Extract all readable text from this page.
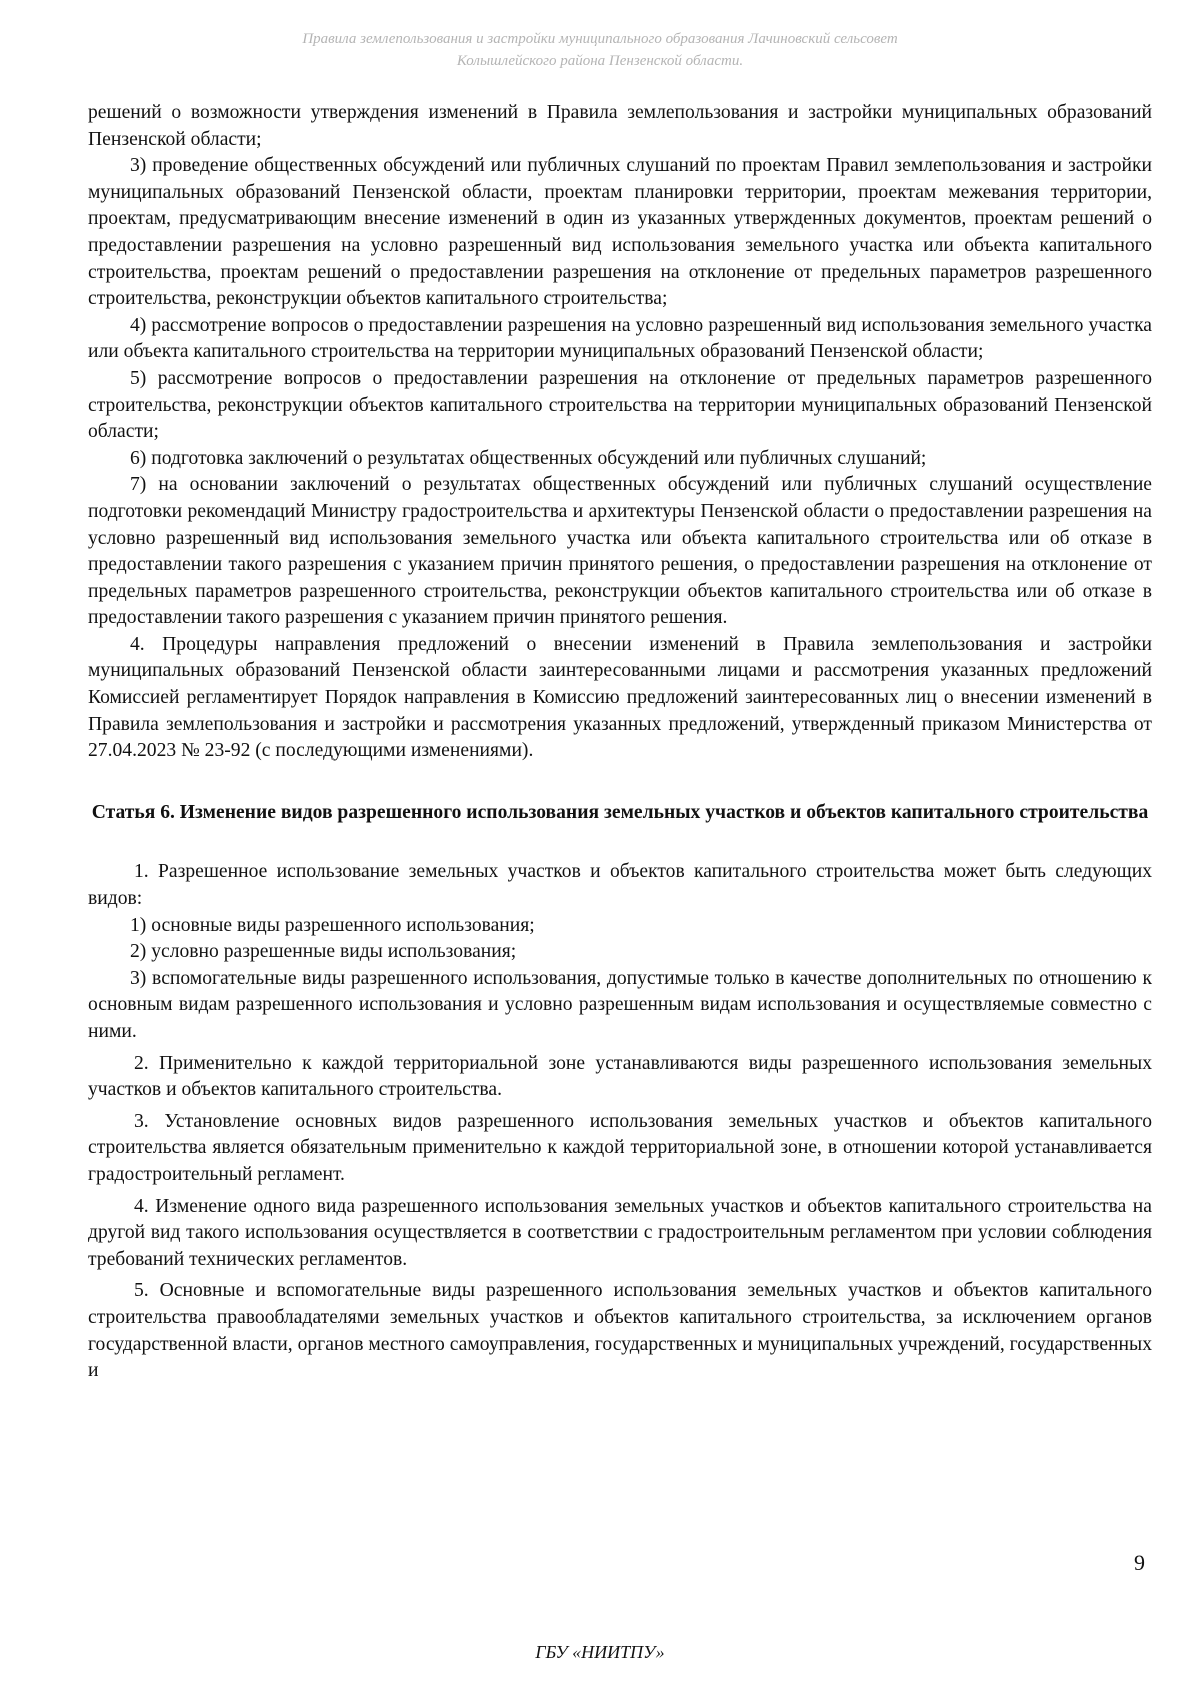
Правила землепользования и застройки муниципального образования Лачиновский сельсовет
Колышлейского района Пензенской области.

решений о возможности утверждения изменений в Правила землепользования и застройки муниципальных образований Пензенской области;

3) проведение общественных обсуждений или публичных слушаний по проектам Правил землепользования и застройки муниципальных образований Пензенской области, проектам планировки территории, проектам межевания территории, проектам, предусматривающим внесение изменений в один из указанных утвержденных документов, проектам решений о предоставлении разрешения на условно разрешенный вид использования земельного участка или объекта капитального строительства, проектам решений о предоставлении разрешения на отклонение от предельных параметров разрешенного строительства, реконструкции объектов капитального строительства;

4) рассмотрение вопросов о предоставлении разрешения на условно разрешенный вид использования земельного участка или объекта капитального строительства на территории муниципальных образований Пензенской области;

5) рассмотрение вопросов о предоставлении разрешения на отклонение от предельных параметров разрешенного строительства, реконструкции объектов капитального строительства на территории муниципальных образований Пензенской области;

6) подготовка заключений о результатах общественных обсуждений или публичных слушаний;

7) на основании заключений о результатах общественных обсуждений или публичных слушаний осуществление подготовки рекомендаций Министру градостроительства и архитектуры Пензенской области о предоставлении разрешения на условно разрешенный вид использования земельного участка или объекта капитального строительства или об отказе в предоставлении такого разрешения с указанием причин принятого решения, о предоставлении разрешения на отклонение от предельных параметров разрешенного строительства, реконструкции объектов капитального строительства или об отказе в предоставлении такого разрешения с указанием причин принятого решения.

4. Процедуры направления предложений о внесении изменений в Правила землепользования и застройки муниципальных образований Пензенской области заинтересованными лицами и рассмотрения указанных предложений Комиссией регламентирует Порядок направления в Комиссию предложений заинтересованных лиц о внесении изменений в Правила землепользования и застройки и рассмотрения указанных предложений, утвержденный приказом Министерства от 27.04.2023 № 23-92 (с последующими изменениями).

Статья 6. Изменение видов разрешенного использования земельных участков и объектов капитального строительства

1. Разрешенное использование земельных участков и объектов капитального строительства может быть следующих видов:

1) основные виды разрешенного использования;

2) условно разрешенные виды использования;

3) вспомогательные виды разрешенного использования, допустимые только в качестве дополнительных по отношению к основным видам разрешенного использования и условно разрешенным видам использования и осуществляемые совместно с ними.

2. Применительно к каждой территориальной зоне устанавливаются виды разрешенного использования земельных участков и объектов капитального строительства.

3. Установление основных видов разрешенного использования земельных участков и объектов капитального строительства является обязательным применительно к каждой территориальной зоне, в отношении которой устанавливается градостроительный регламент.

4. Изменение одного вида разрешенного использования земельных участков и объектов капитального строительства на другой вид такого использования осуществляется в соответствии с градостроительным регламентом при условии соблюдения требований технических регламентов.

5. Основные и вспомогательные виды разрешенного использования земельных участков и объектов капитального строительства правообладателями земельных участков и объектов капитального строительства, за исключением органов государственной власти, органов местного самоуправления, государственных и муниципальных учреждений, государственных и

9
ГБУ «НИИТПУ»
